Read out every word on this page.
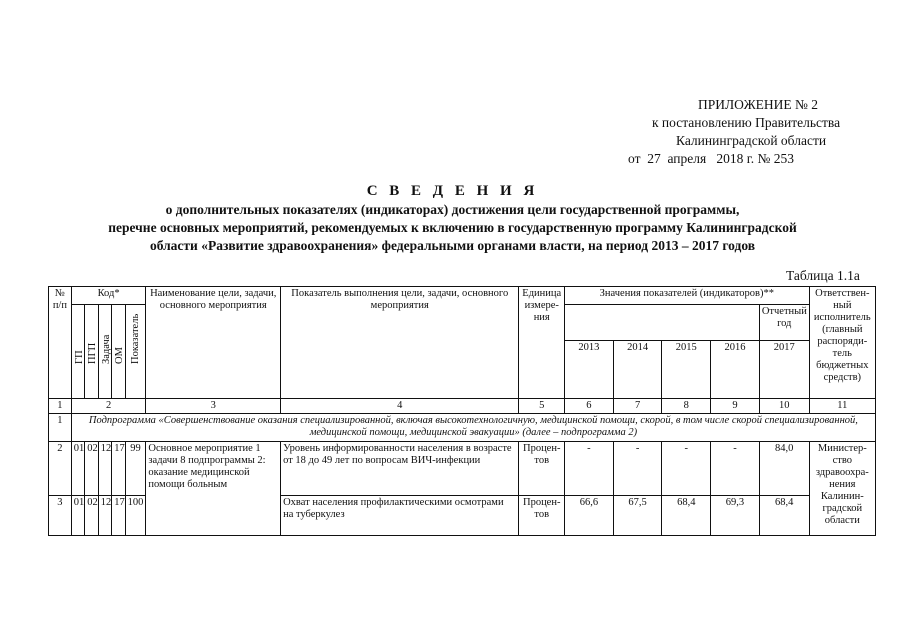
ПРИЛОЖЕНИЕ № 2
к постановлению Правительства
Калининградской области
от  27  апреля   2018 г. № 253
С В Е Д Е Н И Я
о дополнительных показателях (индикаторах) достижения цели государственной программы,
перечне основных мероприятий, рекомендуемых к включению в государственную программу Калининградской
области «Развитие здравоохранения» федеральными органами власти, на период 2013 – 2017 годов
Таблица 1.1а
№ п/п	Код*					Наименование цели, задачи, основного мероприятия	Показатель выполнения цели, задачи, основного мероприятия	Единица измере-ния	Значения показателей (индикаторов)**					Ответствен-ный исполнитель (главный распоряди-тель бюджетных средств)

	ГП	ПГП	Задача	ОМ	Показатель								Отчетный год	
									2013	2014	2015	2016	2017	
1	2					3	4	5	6	7	8	9	10	11
1	Подпрограмма «Совершенствование оказания специализированной, включая высокотехнологичную, медицинской помощи, скорой, в том числе скорой специализированной, медицинской помощи, медицинской эвакуации» (далее – подпрограмма 2)													
2	01	02	12	17	99	Основное мероприятие 1 задачи 8 подпрограммы 2: оказание медицинской помощи больным	Уровень информированности населения в возрасте от 18 до 49 лет по вопросам ВИЧ-инфекции	Процен-тов	-	-	-	-	84,0	Министер-ство здравоохра-нения Калинин-градской области
3	01	02	12	17	100		Охват населения профилактическими осмотрами на туберкулез	Процен-тов	66,6	67,5	68,4	69,3	68,4	
